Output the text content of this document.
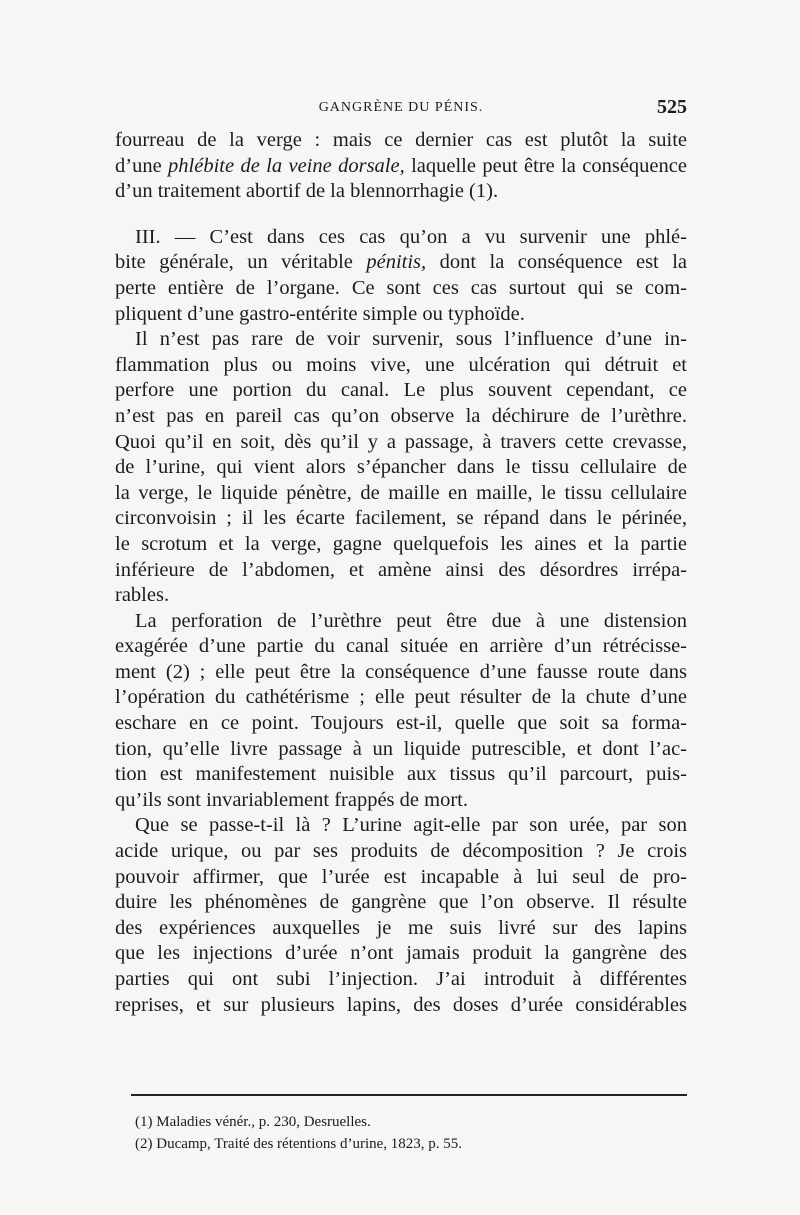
GANGRÈNE DU PÉNIS.	525
fourreau de la verge : mais ce dernier cas est plutôt la suite
d’une phlébite de la veine dorsale, laquelle peut être la conséquence
d’un traitement abortif de la blennorrhagie (1).
III. — C’est dans ces cas qu’on a vu survenir une phlé-
bite générale, un véritable pénitis, dont la conséquence est la
perte entière de l’organe. Ce sont ces cas surtout qui se com-
pliquent d’une gastro-entérite simple ou typhoïde.
Il n’est pas rare de voir survenir, sous l’influence d’une in-
flammation plus ou moins vive, une ulcération qui détruit et
perfore une portion du canal. Le plus souvent cependant, ce
n’est pas en pareil cas qu’on observe la déchirure de l’urèthre.
Quoi qu’il en soit, dès qu’il y a passage, à travers cette crevasse,
de l’urine, qui vient alors s’épancher dans le tissu cellulaire de
la verge, le liquide pénètre, de maille en maille, le tissu cellulaire
circonvoisin ; il les écarte facilement, se répand dans le périnée,
le scrotum et la verge, gagne quelquefois les aines et la partie
inférieure de l’abdomen, et amène ainsi des désordres irrépa-
rables.
La perforation de l’urèthre peut être due à une distension
exagérée d’une partie du canal située en arrière d’un rétrécisse-
ment (2) ; elle peut être la conséquence d’une fausse route dans
l’opération du cathétérisme ; elle peut résulter de la chute d’une
eschare en ce point. Toujours est-il, quelle que soit sa forma-
tion, qu’elle livre passage à un liquide putrescible, et dont l’ac-
tion est manifestement nuisible aux tissus qu’il parcourt, puis-
qu’ils sont invariablement frappés de mort.
Que se passe-t-il là ? L’urine agit-elle par son urée, par son
acide urique, ou par ses produits de décomposition ? Je crois
pouvoir affirmer, que l’urée est incapable à lui seul de pro-
duire les phénomènes de gangrène que l’on observe. Il résulte
des expériences auxquelles je me suis livré sur des lapins
que les injections d’urée n’ont jamais produit la gangrène des
parties qui ont subi l’injection. J’ai introduit à différentes
reprises, et sur plusieurs lapins, des doses d’urée considérables
(1) Maladies vénér., p. 230, Desruelles.
(2) Ducamp, Traité des rétentions d’urine, 1823, p. 55.
